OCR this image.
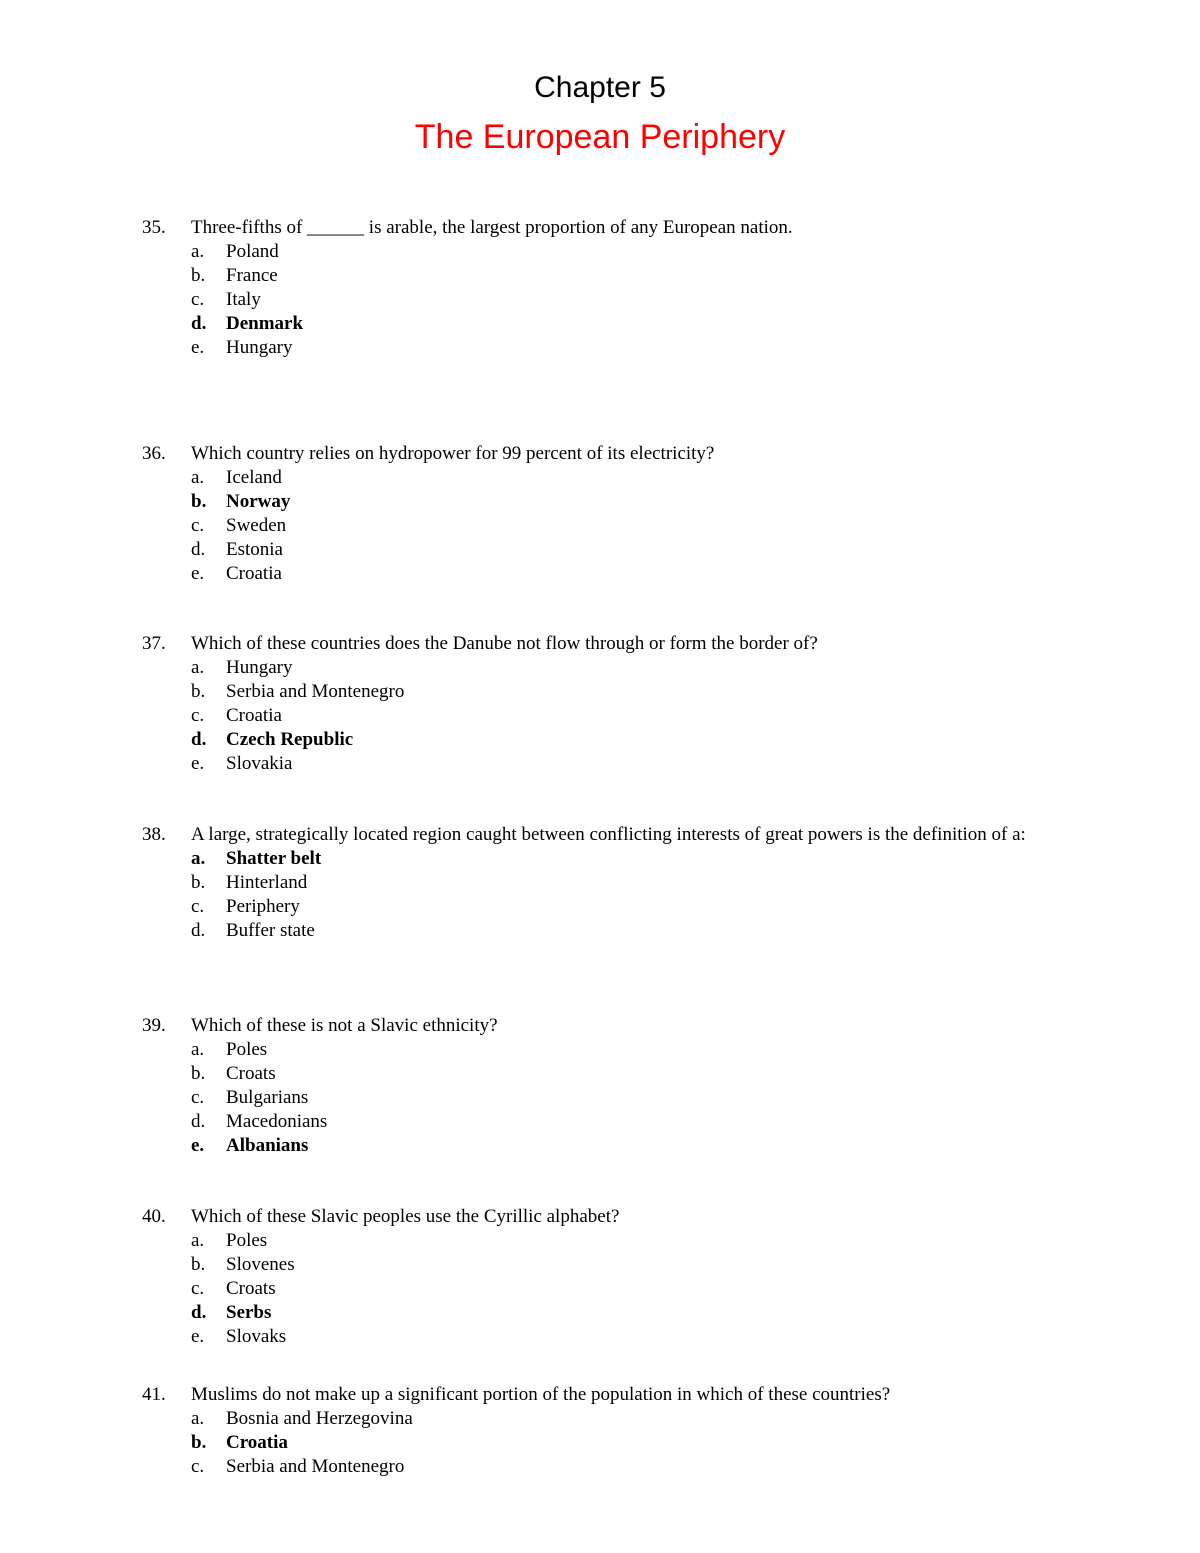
Chapter 5
The European Periphery
35.	Three-fifths of ______ is arable, the largest proportion of any European nation.
a.	Poland
b.	France
c.	Italy
d.	Denmark
e.	Hungary
36.	Which country relies on hydropower for 99 percent of its electricity?
a.	Iceland
b.	Norway
c.	Sweden
d.	Estonia
e.	Croatia
37.	Which of these countries does the Danube not flow through or form the border of?
a.	Hungary
b.	Serbia and Montenegro
c.	Croatia
d.	Czech Republic
e.	Slovakia
38.	A large, strategically located region caught between conflicting interests of great powers is the definition of a:
a.	Shatter belt
b.	Hinterland
c.	Periphery
d.	Buffer state
39.	Which of these is not a Slavic ethnicity?
a.	Poles
b.	Croats
c.	Bulgarians
d.	Macedonians
e.	Albanians
40.	Which of these Slavic peoples use the Cyrillic alphabet?
a.	Poles
b.	Slovenes
c.	Croats
d.	Serbs
e.	Slovaks
41.	Muslims do not make up a significant portion of the population in which of these countries?
a.	Bosnia and Herzegovina
b.	Croatia
c.	Serbia and Montenegro
